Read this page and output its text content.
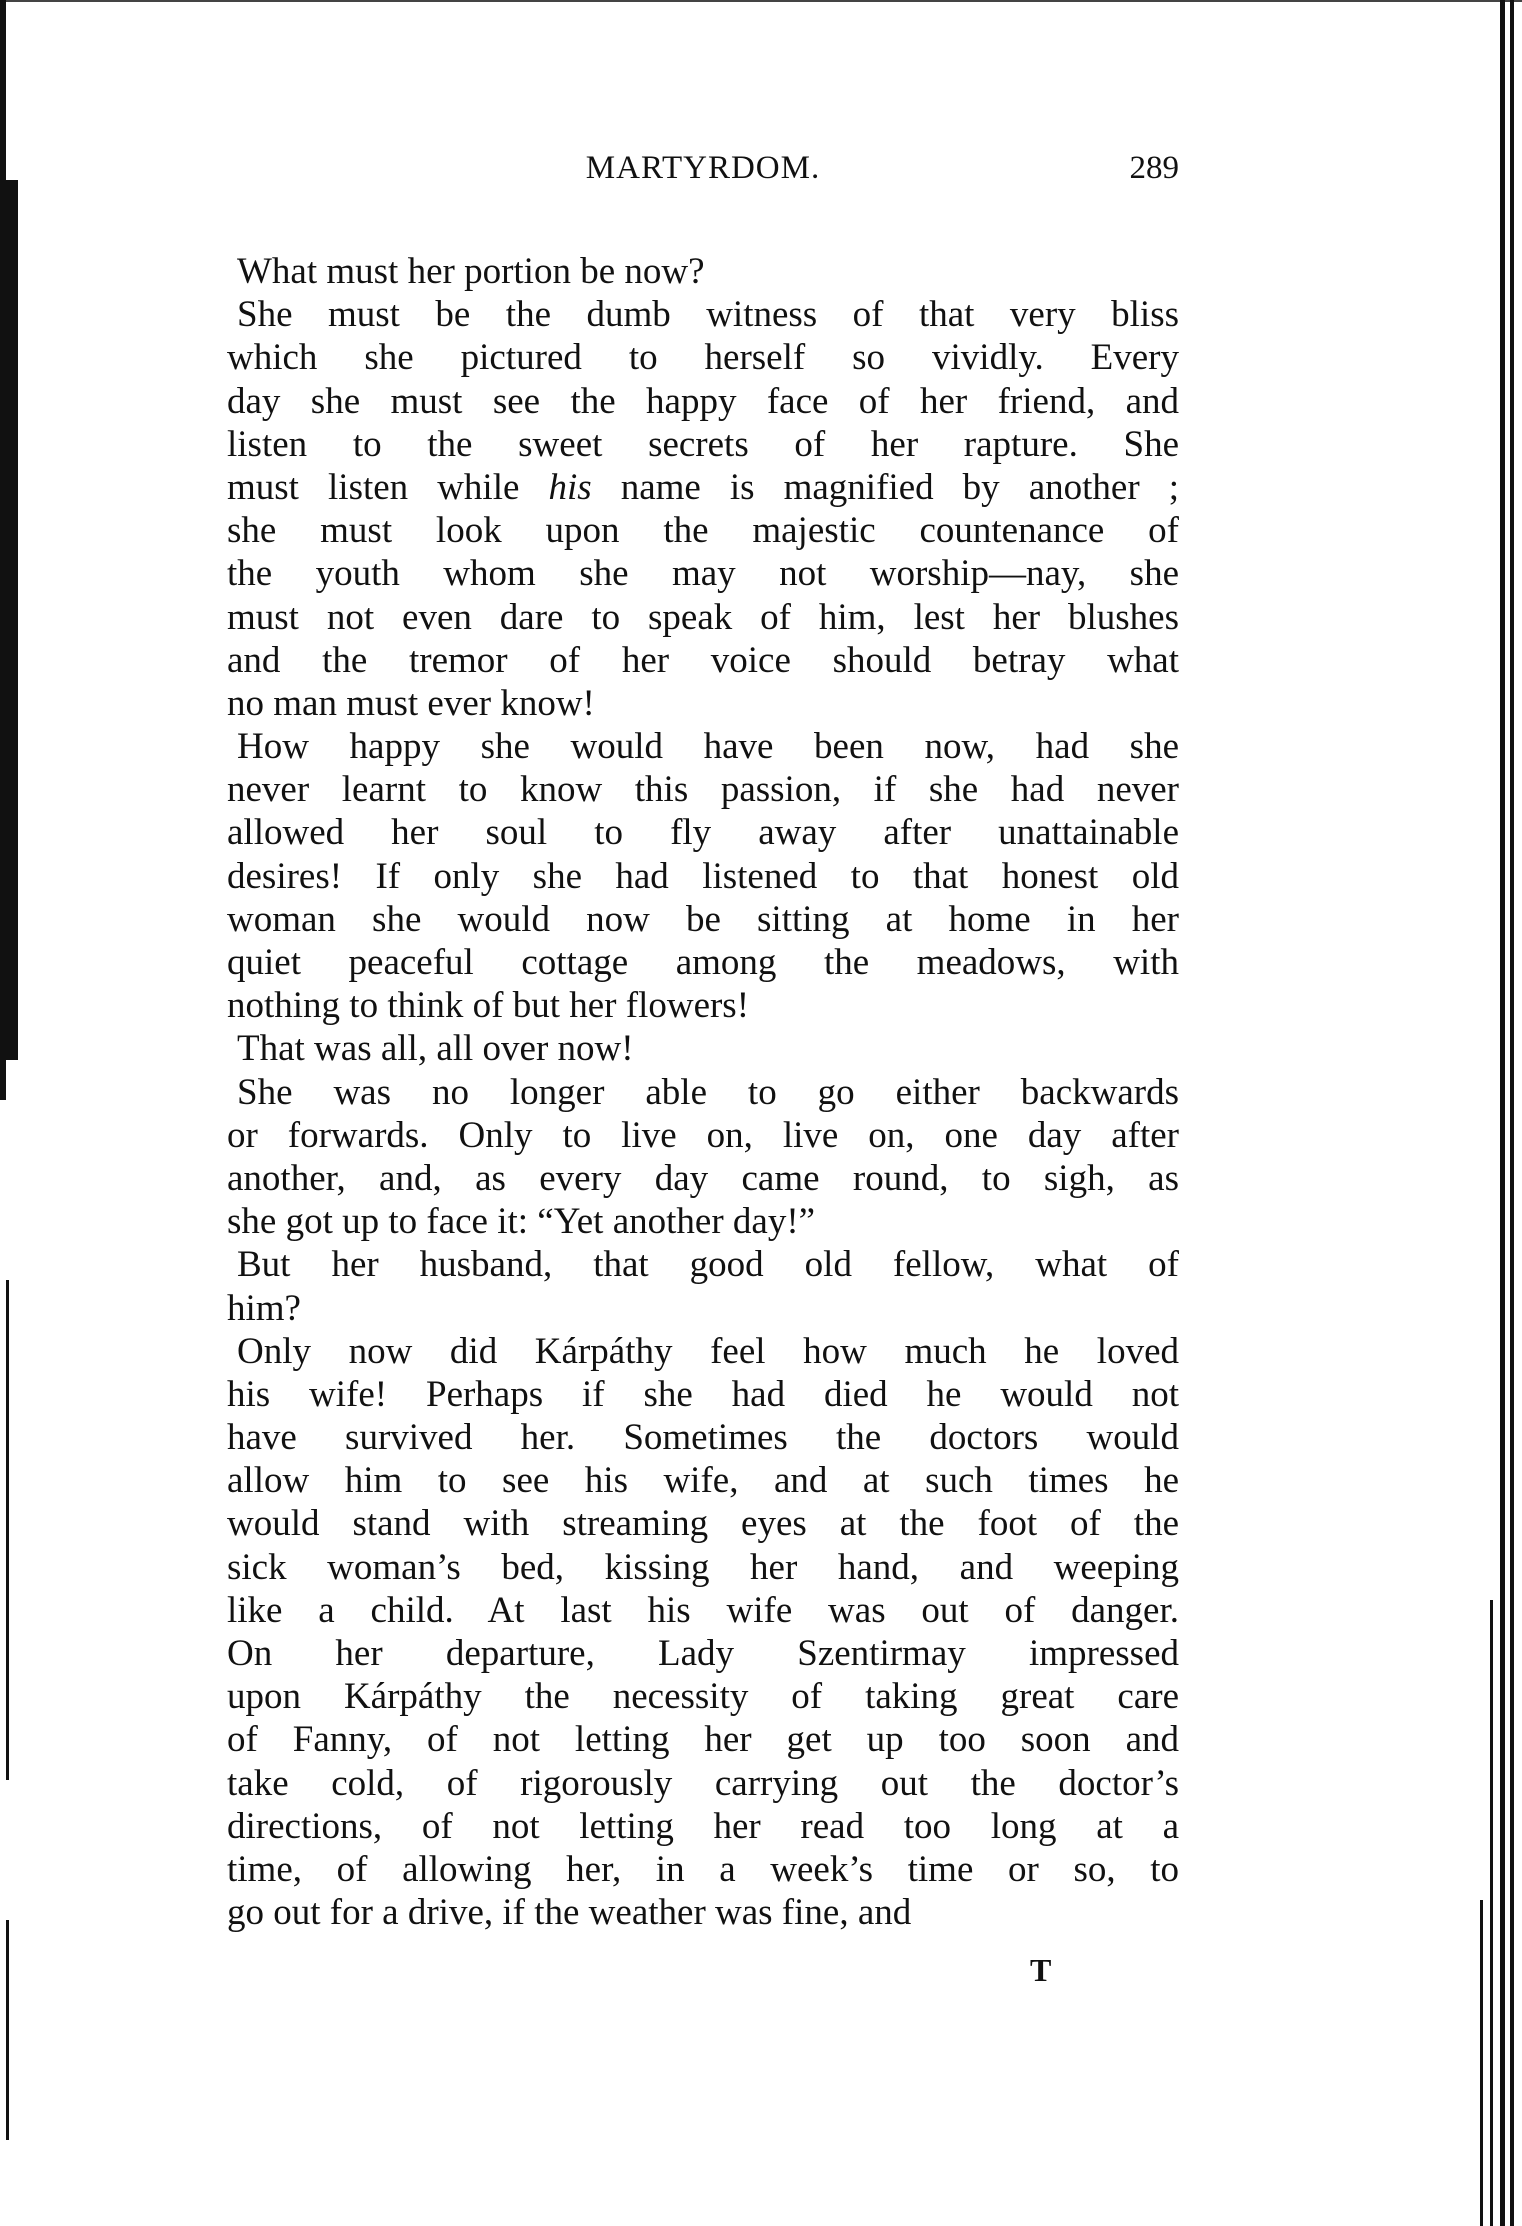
MARTYRDOM.	289
What must her portion be now?
She must be the dumb witness of that very bliss
which she pictured to herself so vividly. Every
day she must see the happy face of her friend, and
listen to the sweet secrets of her rapture. She
must listen while his name is magnified by another ;
she must look upon the majestic countenance of
the youth whom she may not worship—nay, she
must not even dare to speak of him, lest her blushes
and the tremor of her voice should betray what
no man must ever know!
How happy she would have been now, had she
never learnt to know this passion, if she had never
allowed her soul to fly away after unattainable
desires! If only she had listened to that honest old
woman she would now be sitting at home in her
quiet peaceful cottage among the meadows, with
nothing to think of but her flowers!
That was all, all over now!
She was no longer able to go either backwards
or forwards. Only to live on, live on, one day after
another, and, as every day came round, to sigh, as
she got up to face it: “Yet another day!”
But her husband, that good old fellow, what of
him?
Only now did Kárpáthy feel how much he loved
his wife! Perhaps if she had died he would not
have survived her. Sometimes the doctors would
allow him to see his wife, and at such times he
would stand with streaming eyes at the foot of the
sick woman’s bed, kissing her hand, and weeping
like a child. At last his wife was out of danger.
On her departure, Lady Szentirmay impressed
upon Kárpáthy the necessity of taking great care
of Fanny, of not letting her get up too soon and
take cold, of rigorously carrying out the doctor’s
directions, of not letting her read too long at a
time, of allowing her, in a week’s time or so, to
go out for a drive, if the weather was fine, and
T
